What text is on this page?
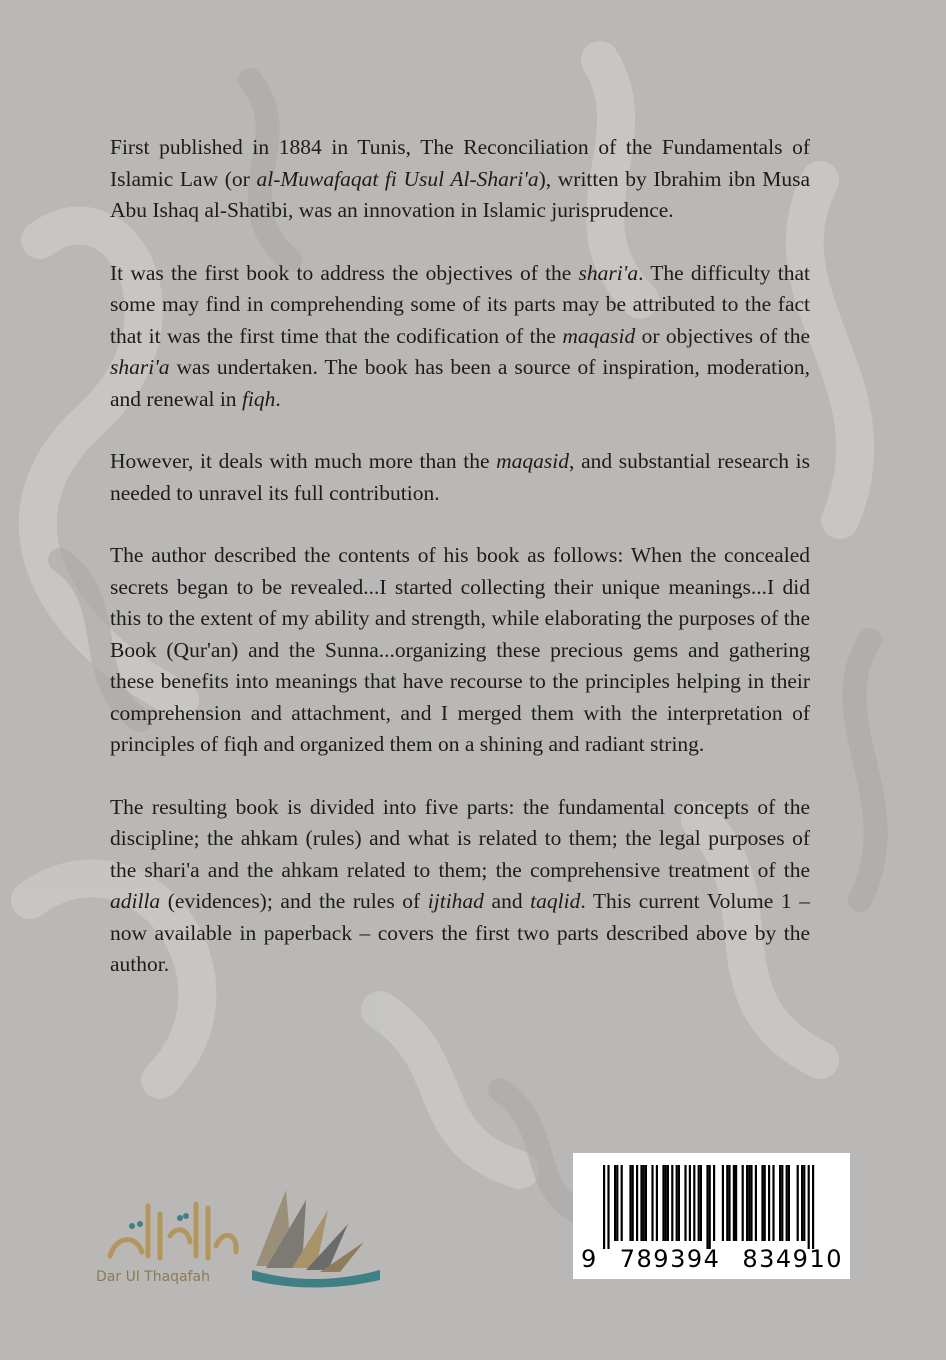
First published in 1884 in Tunis, The Reconciliation of the Fundamentals of Islamic Law (or al-Muwafaqat fi Usul Al-Shari'a), written by Ibrahim ibn Musa Abu Ishaq al-Shatibi, was an innovation in Islamic jurisprudence.

It was the first book to address the objectives of the shari'a. The difficulty that some may find in comprehending some of its parts may be attributed to the fact that it was the first time that the codification of the maqasid or objectives of the shari'a was undertaken. The book has been a source of inspiration, moderation, and renewal in fiqh.

However, it deals with much more than the maqasid, and substantial research is needed to unravel its full contribution.

The author described the contents of his book as follows: When the concealed secrets began to be revealed...I started collecting their unique meanings...I did this to the extent of my ability and strength, while elaborating the purposes of the Book (Qur'an) and the Sunna...organizing these precious gems and gathering these benefits into meanings that have recourse to the principles helping in their comprehension and attachment, and I merged them with the interpretation of principles of fiqh and organized them on a shining and radiant string.

The resulting book is divided into five parts: the fundamental concepts of the discipline; the ahkam (rules) and what is related to them; the legal purposes of the shari'a and the ahkam related to them; the comprehensive treatment of the adilla (evidences); and the rules of ijtihad and taqlid. This current Volume 1 – now available in paperback – covers the first two parts described above by the author.

Dar Ul Thaqafah
9 789394 834910
